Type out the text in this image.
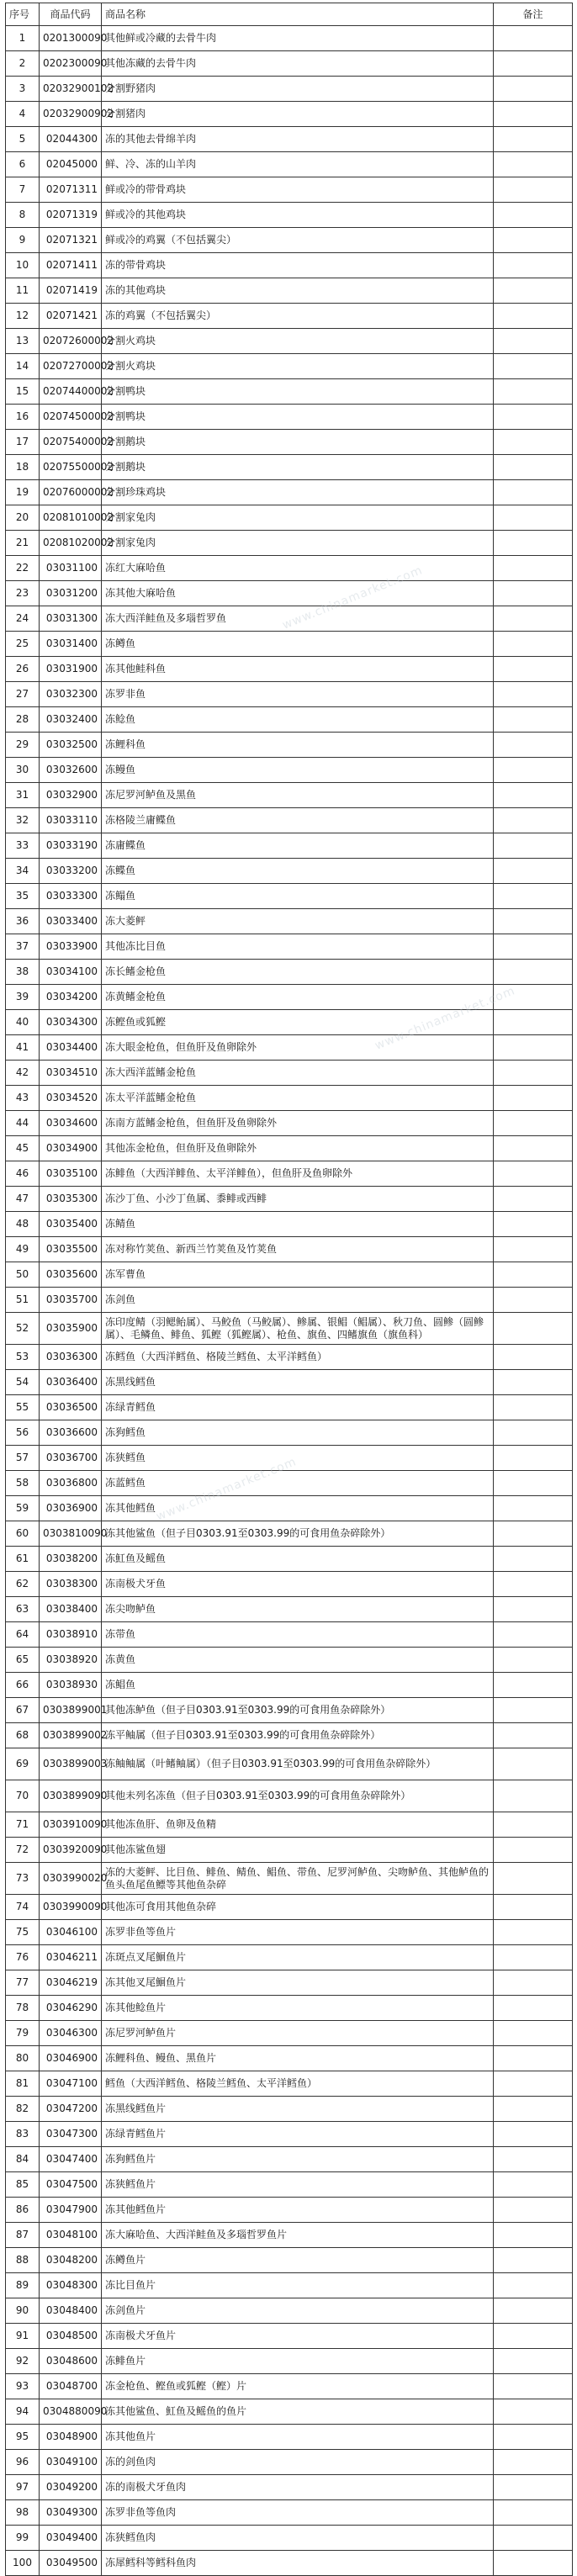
序号	商品代码	商品名称	备注
1	0201300090	其他鲜或冷藏的去骨牛肉	
2	0202300090	其他冻藏的去骨牛肉	
3	02032900102	分割野猪肉	
4	02032900902	分割猪肉	
5	02044300	冻的其他去骨绵羊肉	
6	02045000	鲜、冷、冻的山羊肉	
7	02071311	鲜或冷的带骨鸡块	
8	02071319	鲜或冷的其他鸡块	
9	02071321	鲜或冷的鸡翼（不包括翼尖）	
10	02071411	冻的带骨鸡块	
11	02071419	冻的其他鸡块	
12	02071421	冻的鸡翼（不包括翼尖）	
13	02072600002	分割火鸡块	
14	02072700002	分割火鸡块	
15	02074400002	分割鸭块	
16	02074500002	分割鸭块	
17	02075400002	分割鹅块	
18	02075500002	分割鹅块	
19	02076000002	分割珍珠鸡块	
20	02081010002	分割家兔肉	
21	02081020002	分割家兔肉	
22	03031100	冻红大麻哈鱼	
23	03031200	冻其他大麻哈鱼	
24	03031300	冻大西洋鲑鱼及多瑙哲罗鱼	
25	03031400	冻鳟鱼	
26	03031900	冻其他鲑科鱼	
27	03032300	冻罗非鱼	
28	03032400	冻鲶鱼	
29	03032500	冻鲤科鱼	
30	03032600	冻鳗鱼	
31	03032900	冻尼罗河鲈鱼及黑鱼	
32	03033110	冻格陵兰庸鲽鱼	
33	03033190	冻庸鲽鱼	
34	03033200	冻鲽鱼	
35	03033300	冻鳎鱼	
36	03033400	冻大菱鲆	
37	03033900	其他冻比目鱼	
38	03034100	冻长鳍金枪鱼	
39	03034200	冻黄鳍金枪鱼	
40	03034300	冻鲣鱼或狐鲣	
41	03034400	冻大眼金枪鱼，但鱼肝及鱼卵除外	
42	03034510	冻大西洋蓝鳍金枪鱼	
43	03034520	冻太平洋蓝鳍金枪鱼	
44	03034600	冻南方蓝鳍金枪鱼，但鱼肝及鱼卵除外	
45	03034900	其他冻金枪鱼，但鱼肝及鱼卵除外	
46	03035100	冻鲱鱼（大西洋鲱鱼、太平洋鲱鱼），但鱼肝及鱼卵除外	
47	03035300	冻沙丁鱼、小沙丁鱼属、黍鲱或西鲱	
48	03035400	冻鲭鱼	
49	03035500	冻对称竹荚鱼、新西兰竹荚鱼及竹荚鱼	
50	03035600	冻军曹鱼	
51	03035700	冻剑鱼	
52	03035900	冻印度鲭（羽鳃鲐属）、马鲛鱼（马鲛属）、鲹属、银鲳（鲳属）、秋刀鱼、圆鲹（圆鲹属）、毛鳞鱼、鲱鱼、狐鲣（狐鲣属）、枪鱼、旗鱼、四鳍旗鱼（旗鱼科）	
53	03036300	冻鳕鱼（大西洋鳕鱼、格陵兰鳕鱼、太平洋鳕鱼）	
54	03036400	冻黑线鳕鱼	
55	03036500	冻绿青鳕鱼	
56	03036600	冻狗鳕鱼	
57	03036700	冻狭鳕鱼	
58	03036800	冻蓝鳕鱼	
59	03036900	冻其他鳕鱼	
60	0303810090	冻其他鲨鱼（但子目0303.91至0303.99的可食用鱼杂碎除外）	
61	03038200	冻魟鱼及鳐鱼	
62	03038300	冻南极犬牙鱼	
63	03038400	冻尖吻鲈鱼	
64	03038910	冻带鱼	
65	03038920	冻黄鱼	
66	03038930	冻鲳鱼	
67	0303899001	其他冻鲈鱼（但子目0303.91至0303.99的可食用鱼杂碎除外）	
68	0303899002	冻平鲉属（但子目0303.91至0303.99的可食用鱼杂碎除外）	
69	0303899003	冻鲉鲉属（叶鳍鲉属）（但子目0303.91至0303.99的可食用鱼杂碎除外）	
70	0303899090	其他未列名冻鱼（但子目0303.91至0303.99的可食用鱼杂碎除外）	
71	0303910090	其他冻鱼肝、鱼卵及鱼精	
72	0303920090	其他冻鲨鱼翅	
73	0303990020	冻的大菱鲆、比目鱼、鲱鱼、鲭鱼、鲳鱼、带鱼、尼罗河鲈鱼、尖吻鲈鱼、其他鲈鱼的鱼头鱼尾鱼鳔等其他鱼杂碎	
74	0303990090	其他冻可食用其他鱼杂碎	
75	03046100	冻罗非鱼等鱼片	
76	03046211	冻斑点叉尾鮰鱼片	
77	03046219	冻其他叉尾鮰鱼片	
78	03046290	冻其他鲶鱼片	
79	03046300	冻尼罗河鲈鱼片	
80	03046900	冻鲤科鱼、鳗鱼、黑鱼片	
81	03047100	鳕鱼（大西洋鳕鱼、格陵兰鳕鱼、太平洋鳕鱼）	
82	03047200	冻黑线鳕鱼片	
83	03047300	冻绿青鳕鱼片	
84	03047400	冻狗鳕鱼片	
85	03047500	冻狭鳕鱼片	
86	03047900	冻其他鳕鱼片	
87	03048100	冻大麻哈鱼、大西洋鲑鱼及多瑙哲罗鱼片	
88	03048200	冻鳟鱼片	
89	03048300	冻比目鱼片	
90	03048400	冻剑鱼片	
91	03048500	冻南极犬牙鱼片	
92	03048600	冻鲱鱼片	
93	03048700	冻金枪鱼、鲣鱼或狐鲣（鲣）片	
94	0304880090	冻其他鲨鱼、魟鱼及鳐鱼的鱼片	
95	03048900	冻其他鱼片	
96	03049100	冻的剑鱼肉	
97	03049200	冻的南极犬牙鱼肉	
98	03049300	冻罗非鱼等鱼肉	
99	03049400	冻狭鳕鱼肉	
100	03049500	冻犀鳕科等鳕科鱼肉	
www.chinamarket.com
www.chinamarket.com
www.chinamarket.com
